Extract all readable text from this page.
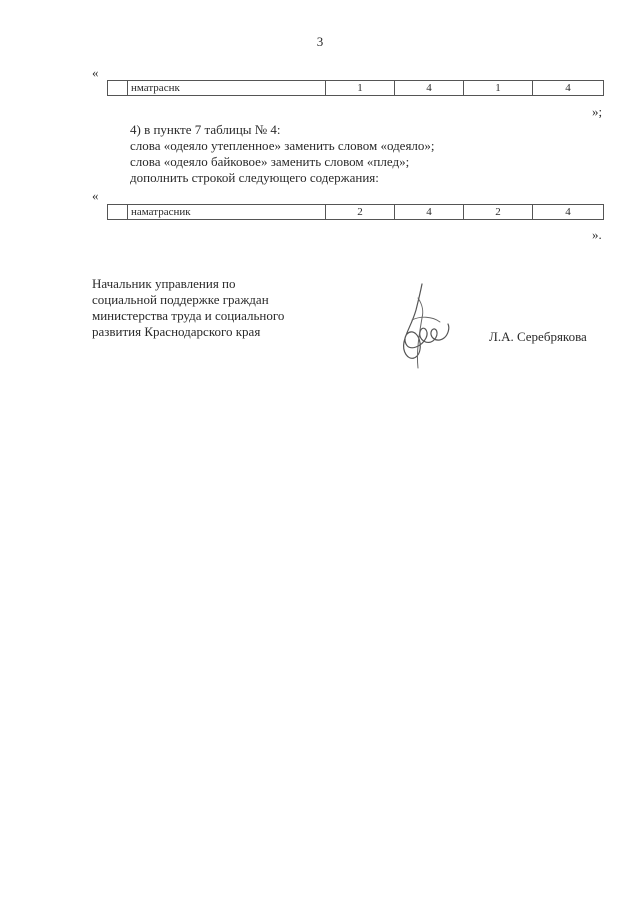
3
«
	нматраснк	1	4	1	4
»;
4) в пункте 7 таблицы № 4:
слова «одеяло утепленное» заменить словом «одеяло»;
слова «одеяло байковое» заменить словом «плед»;
дополнить строкой следующего содержания:
«
	наматрасник	2	4	2	4
».
Начальник управления по
социальной поддержке граждан
министерства труда и социального
развития Краснодарского края	Л.А. Серебрякова
